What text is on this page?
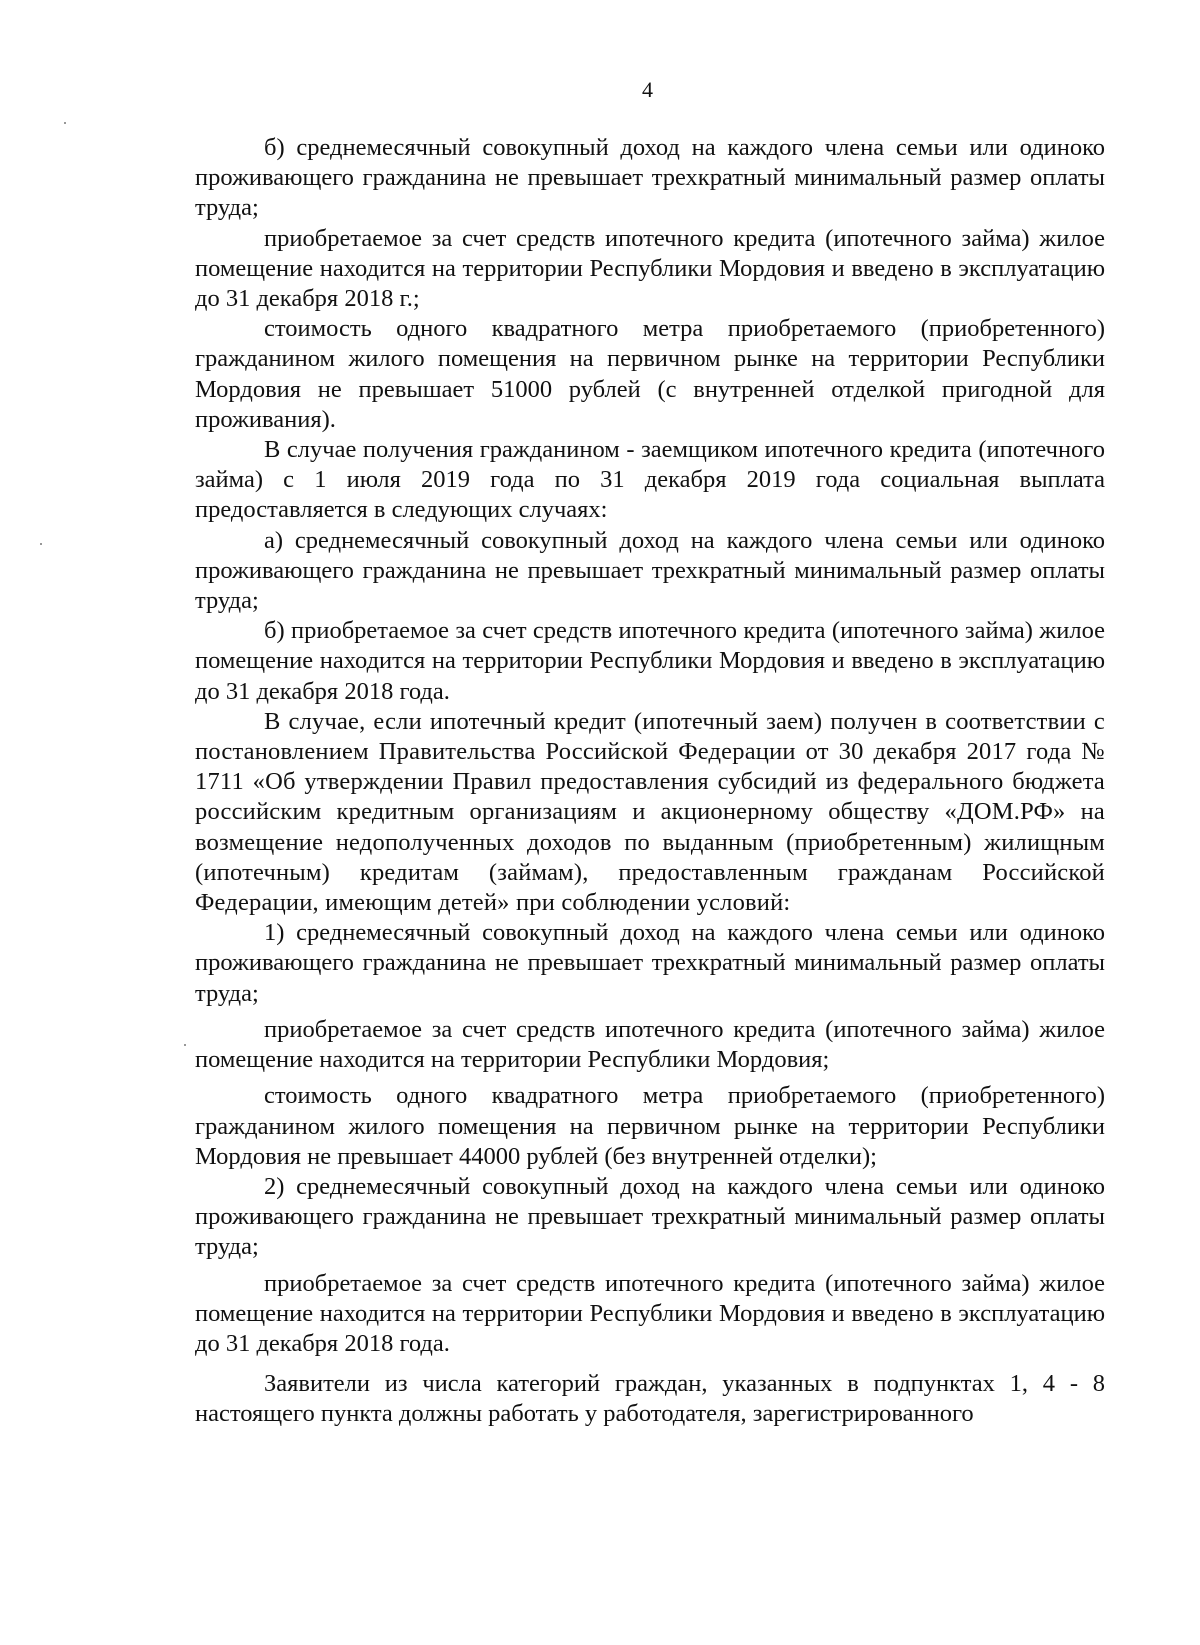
4

б) среднемесячный совокупный доход на каждого члена семьи или одиноко проживающего гражданина не превышает трехкратный минимальный размер оплаты труда;

приобретаемое за счет средств ипотечного кредита (ипотечного займа) жилое помещение находится на территории Республики Мордовия и введено в эксплуатацию до 31 декабря 2018 г.;

стоимость одного квадратного метра приобретаемого (приобретенного) гражданином жилого помещения на первичном рынке на территории Республики Мордовия не превышает 51000 рублей (с внутренней отделкой пригодной для проживания).

В случае получения гражданином - заемщиком ипотечного кредита (ипотечного займа) с 1 июля 2019 года по 31 декабря 2019 года социальная выплата предоставляется в следующих случаях:

а) среднемесячный совокупный доход на каждого члена семьи или одиноко проживающего гражданина не превышает трехкратный минимальный размер оплаты труда;

б) приобретаемое за счет средств ипотечного кредита (ипотечного займа) жилое помещение находится на территории Республики Мордовия и введено в эксплуатацию до 31 декабря 2018 года.

В случае, если ипотечный кредит (ипотечный заем) получен в соответствии с постановлением Правительства Российской Федерации от 30 декабря 2017 года № 1711 «Об утверждении Правил предоставления субсидий из федерального бюджета российским кредитным организациям и акционерному обществу «ДОМ.РФ» на возмещение недополученных доходов по выданным (приобретенным) жилищным (ипотечным) кредитам (займам), предоставленным гражданам Российской Федерации, имеющим детей» при соблюдении условий:

1) среднемесячный совокупный доход на каждого члена семьи или одиноко проживающего гражданина не превышает трехкратный минимальный размер оплаты труда;

приобретаемое за счет средств ипотечного кредита (ипотечного займа) жилое помещение находится на территории Республики Мордовия;

стоимость одного квадратного метра приобретаемого (приобретенного) гражданином жилого помещения на первичном рынке на территории Республики Мордовия не превышает 44000 рублей (без внутренней отделки);

2) среднемесячный совокупный доход на каждого члена семьи или одиноко проживающего гражданина не превышает трехкратный минимальный размер оплаты труда;

приобретаемое за счет средств ипотечного кредита (ипотечного займа) жилое помещение находится на территории Республики Мордовия и введено в эксплуатацию до 31 декабря 2018 года.

Заявители из числа категорий граждан, указанных в подпунктах 1, 4 - 8 настоящего пункта должны работать у работодателя, зарегистрированного
